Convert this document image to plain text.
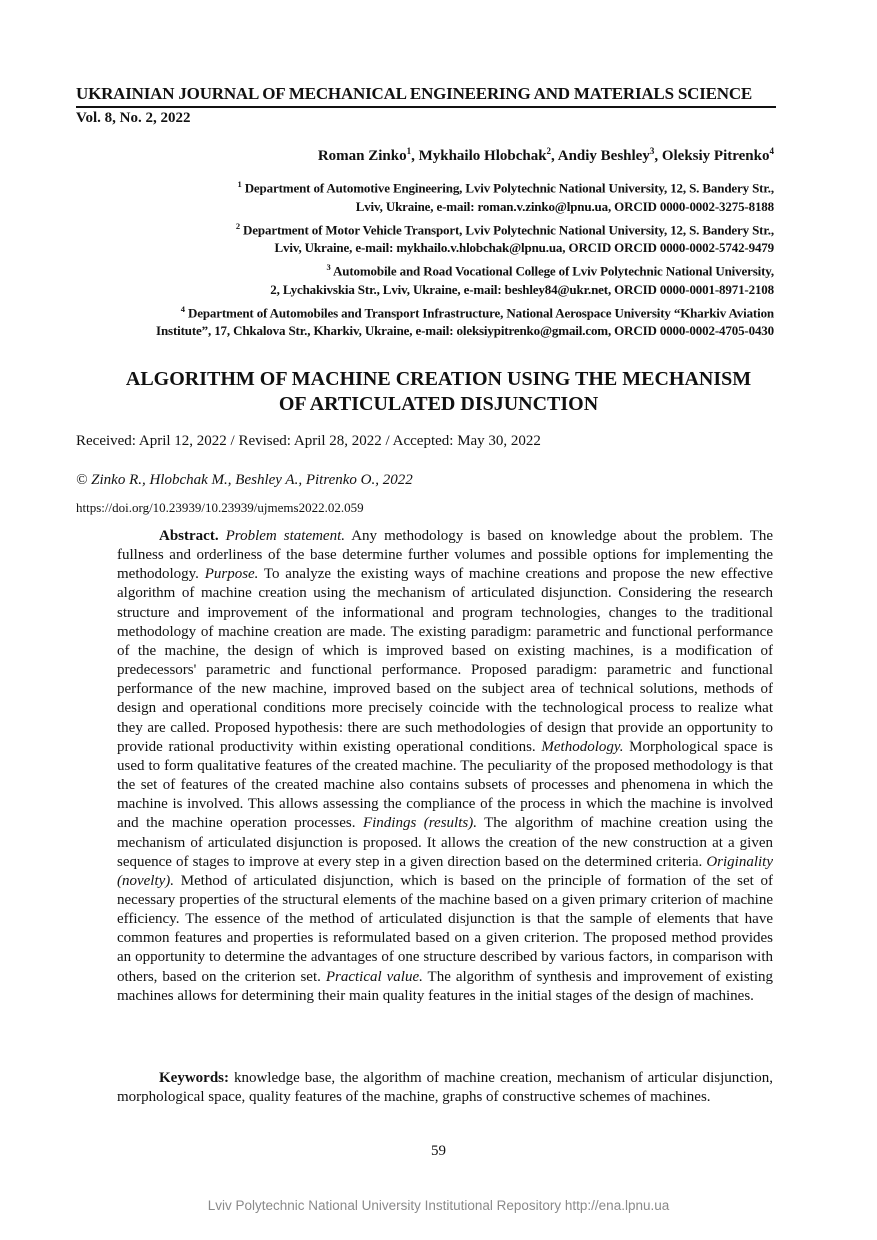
UKRAINIAN JOURNAL OF MECHANICAL ENGINEERING AND MATERIALS SCIENCE
Vol. 8, No. 2, 2022
Roman Zinko$^1$, Mykhailo Hlobchak$^2$, Andiy Beshley$^3$, Oleksiy Pitrenko$^4$
$^1$ Department of Automotive Engineering, Lviv Polytechnic National University, 12, S. Bandery Str.,
Lviv, Ukraine, e-mail: roman.v.zinko@lpnu.ua, ORCID 0000-0002-3275-8188
$^2$ Department of Motor Vehicle Transport, Lviv Polytechnic National University, 12, S. Bandery Str.,
Lviv, Ukraine, e-mail: mykhailo.v.hlobchak@lpnu.ua, ORCID ORCID 0000-0002-5742-9479
$^3$ Automobile and Road Vocational College of Lviv Polytechnic National University,
2, Lychakivskia Str., Lviv, Ukraine, e-mail: beshley84@ukr.net, ORCID 0000-0001-8971-2108
$^4$ Department of Automobiles and Transport Infrastructure, National Aerospace University “Kharkiv Aviation
Institute”, 17, Chkalova Str., Kharkiv, Ukraine, e-mail: oleksiypitrenko@gmail.com, ORCID 0000-0002-4705-0430
ALGORITHM OF MACHINE CREATION USING THE MECHANISM
OF ARTICULATED DISJUNCTION
Received: April 12, 2022 / Revised: April 28, 2022 / Accepted: May 30, 2022
© Zinko R., Hlobchak M., Beshley A., Pitrenko O., 2022
https://doi.org/10.23939/10.23939/ujmems2022.02.059
Abstract. Problem statement. Any methodology is based on knowledge about the problem. The fullness and orderliness of the base determine further volumes and possible options for implementing the methodology. Purpose. To analyze the existing ways of machine creations and propose the new effective algorithm of machine creation using the mechanism of articulated disjunction. Considering the research structure and improvement of the informational and program technologies, changes to the traditional methodology of machine creation are made. The existing paradigm: parametric and functional performance of the machine, the design of which is improved based on existing machines, is a modification of predecessors' parametric and functional performance. Proposed paradigm: parametric and functional performance of the new machine, improved based on the subject area of technical solutions, methods of design and operational conditions more precisely coincide with the technological process to realize what they are called. Proposed hypothesis: there are such methodologies of design that provide an opportunity to provide rational productivity within existing operational conditions. Methodology. Morphological space is used to form qualitative features of the created machine. The peculiarity of the proposed methodology is that the set of features of the created machine also contains subsets of processes and phenomena in which the machine is involved. This allows assessing the compliance of the process in which the machine is involved and the machine operation processes. Findings (results). The algorithm of machine creation using the mechanism of articulated disjunction is proposed. It allows the creation of the new construction at a given sequence of stages to improve at every step in a given direction based on the determined criteria. Originality (novelty). Method of articulated disjunction, which is based on the principle of formation of the set of necessary properties of the structural elements of the machine based on a given primary criterion of machine efficiency. The essence of the method of articulated disjunction is that the sample of elements that have common features and properties is reformulated based on a given criterion. The proposed method provides an opportunity to determine the advantages of one structure described by various factors, in comparison with others, based on the criterion set. Practical value. The algorithm of synthesis and improvement of existing machines allows for determining their main quality features in the initial stages of the design of machines.
Keywords: knowledge base, the algorithm of machine creation, mechanism of articular disjunction, morphological space, quality features of the machine, graphs of constructive schemes of machines.
59
Lviv Polytechnic National University Institutional Repository http://ena.lpnu.ua
